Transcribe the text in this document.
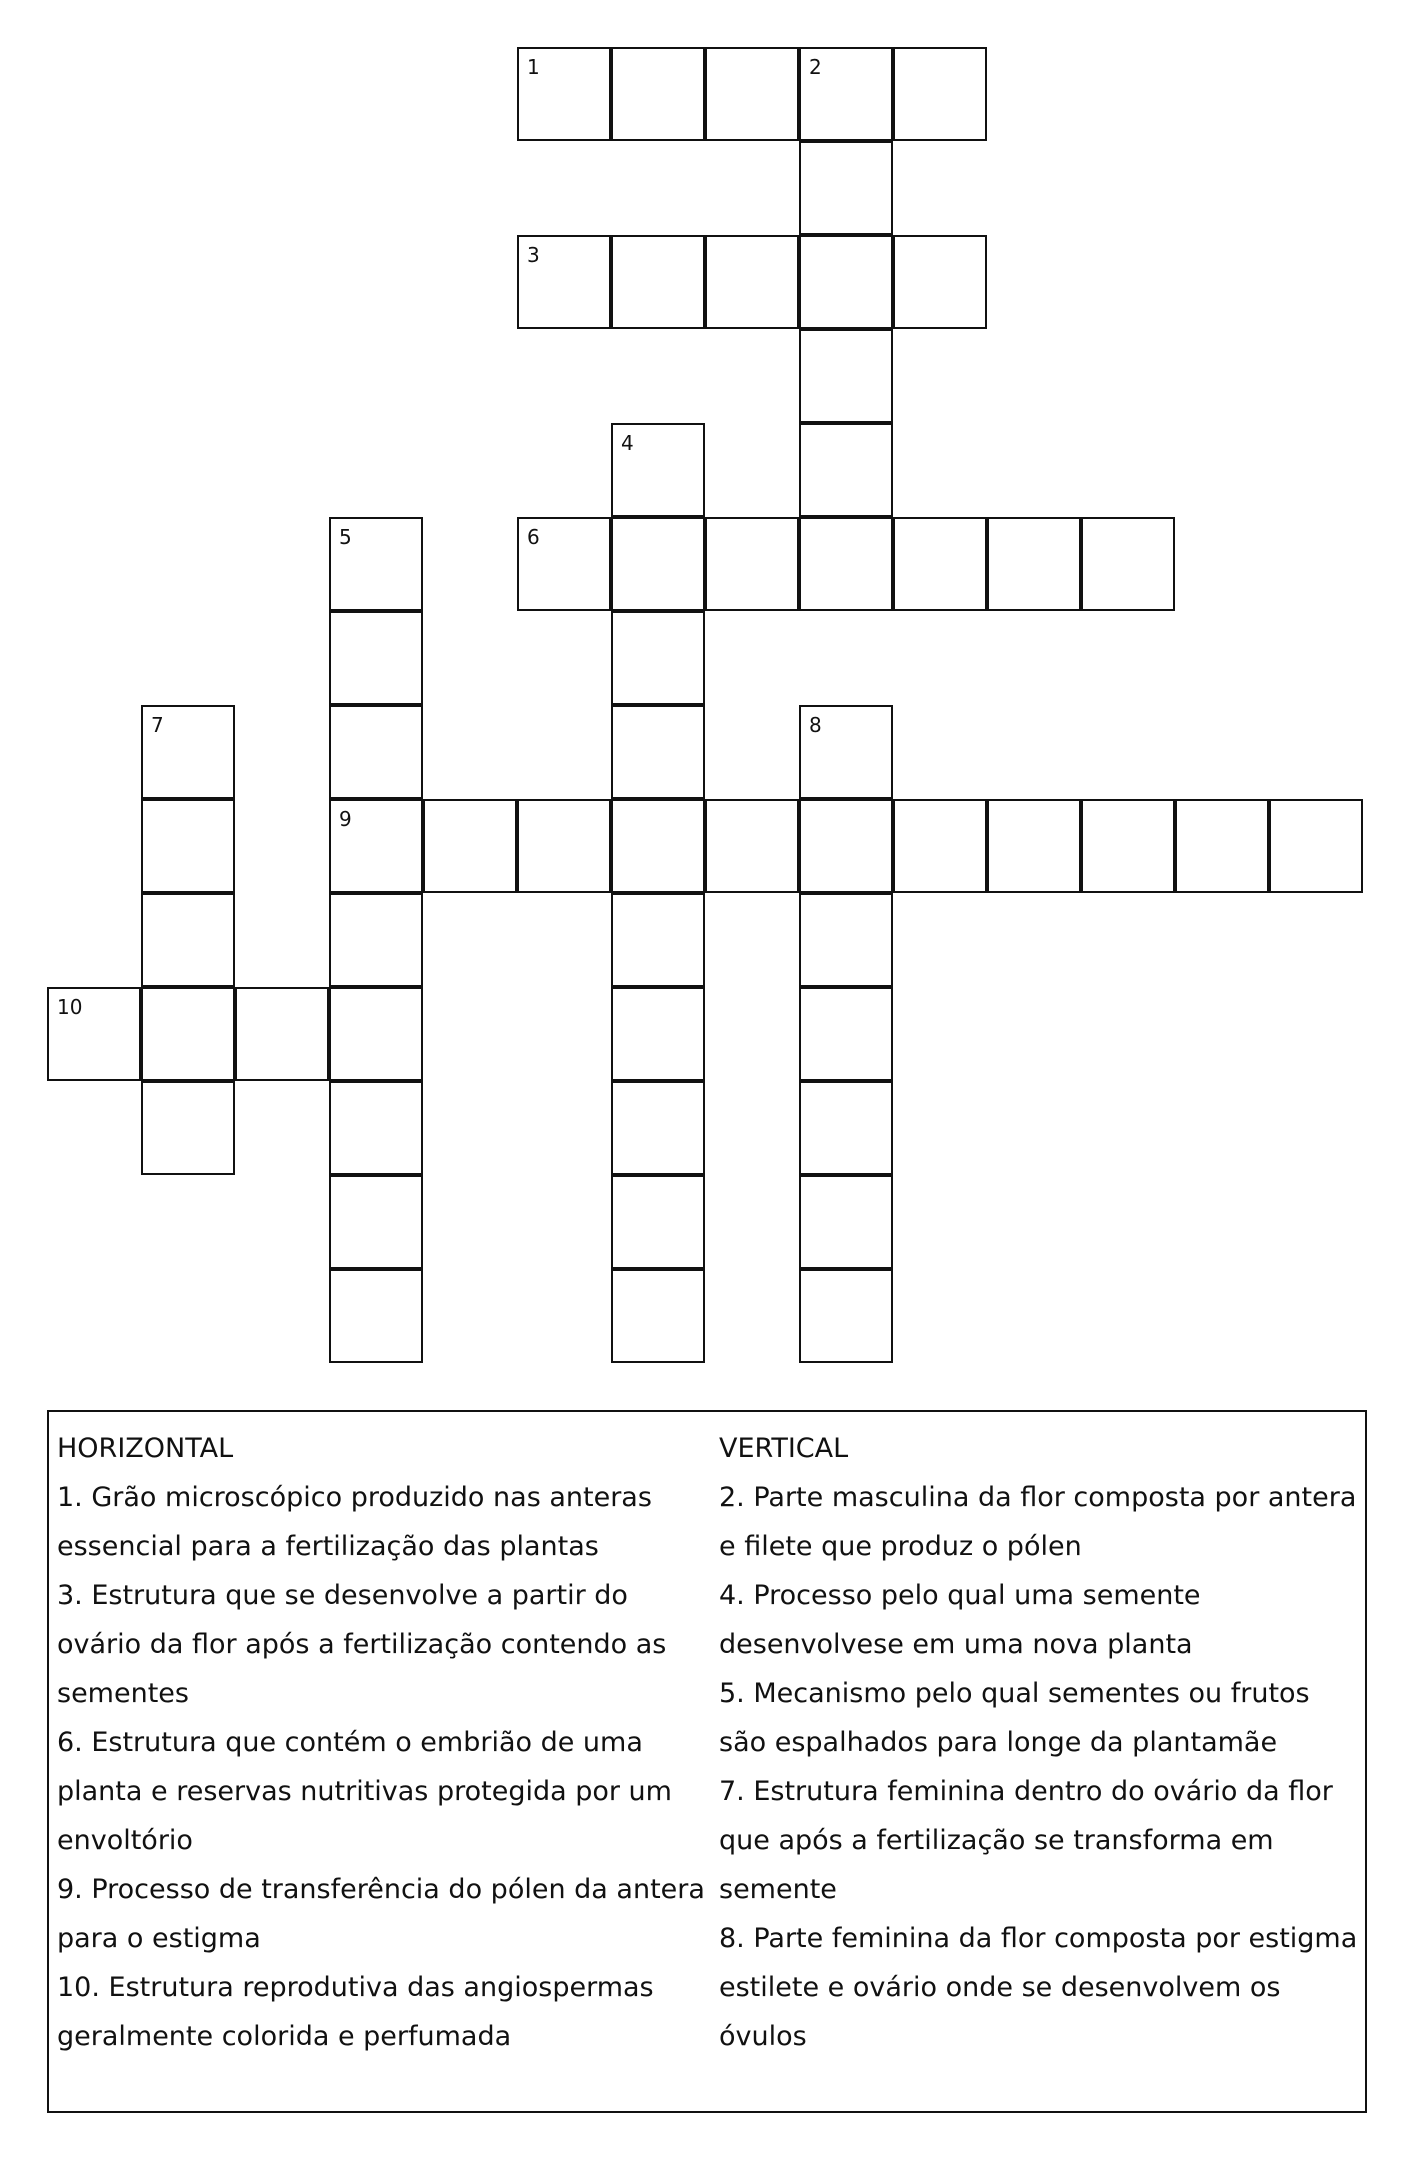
1	2
3
4
5
9
6
7	8
10
HORIZONTAL
1. Grão microscópico produzido nas anteras essencial para a fertilização das plantas
3. Estrutura que se desenvolve a partir do ovário da flor após a fertilização contendo as sementes
6. Estrutura que contém o embrião de uma planta e reservas nutritivas protegida por um envoltório
9. Processo de transferência do pólen da antera para o estigma
10. Estrutura reprodutiva das angiospermas geralmente colorida e perfumada
VERTICAL
2. Parte masculina da flor composta por antera e filete que produz o pólen
4. Processo pelo qual uma semente desenvolvese em uma nova planta
5. Mecanismo pelo qual sementes ou frutos são espalhados para longe da plantamãe
7. Estrutura feminina dentro do ovário da flor que após a fertilização se transforma em semente
8. Parte feminina da flor composta por estigma estilete e ovário onde se desenvolvem os óvulos
